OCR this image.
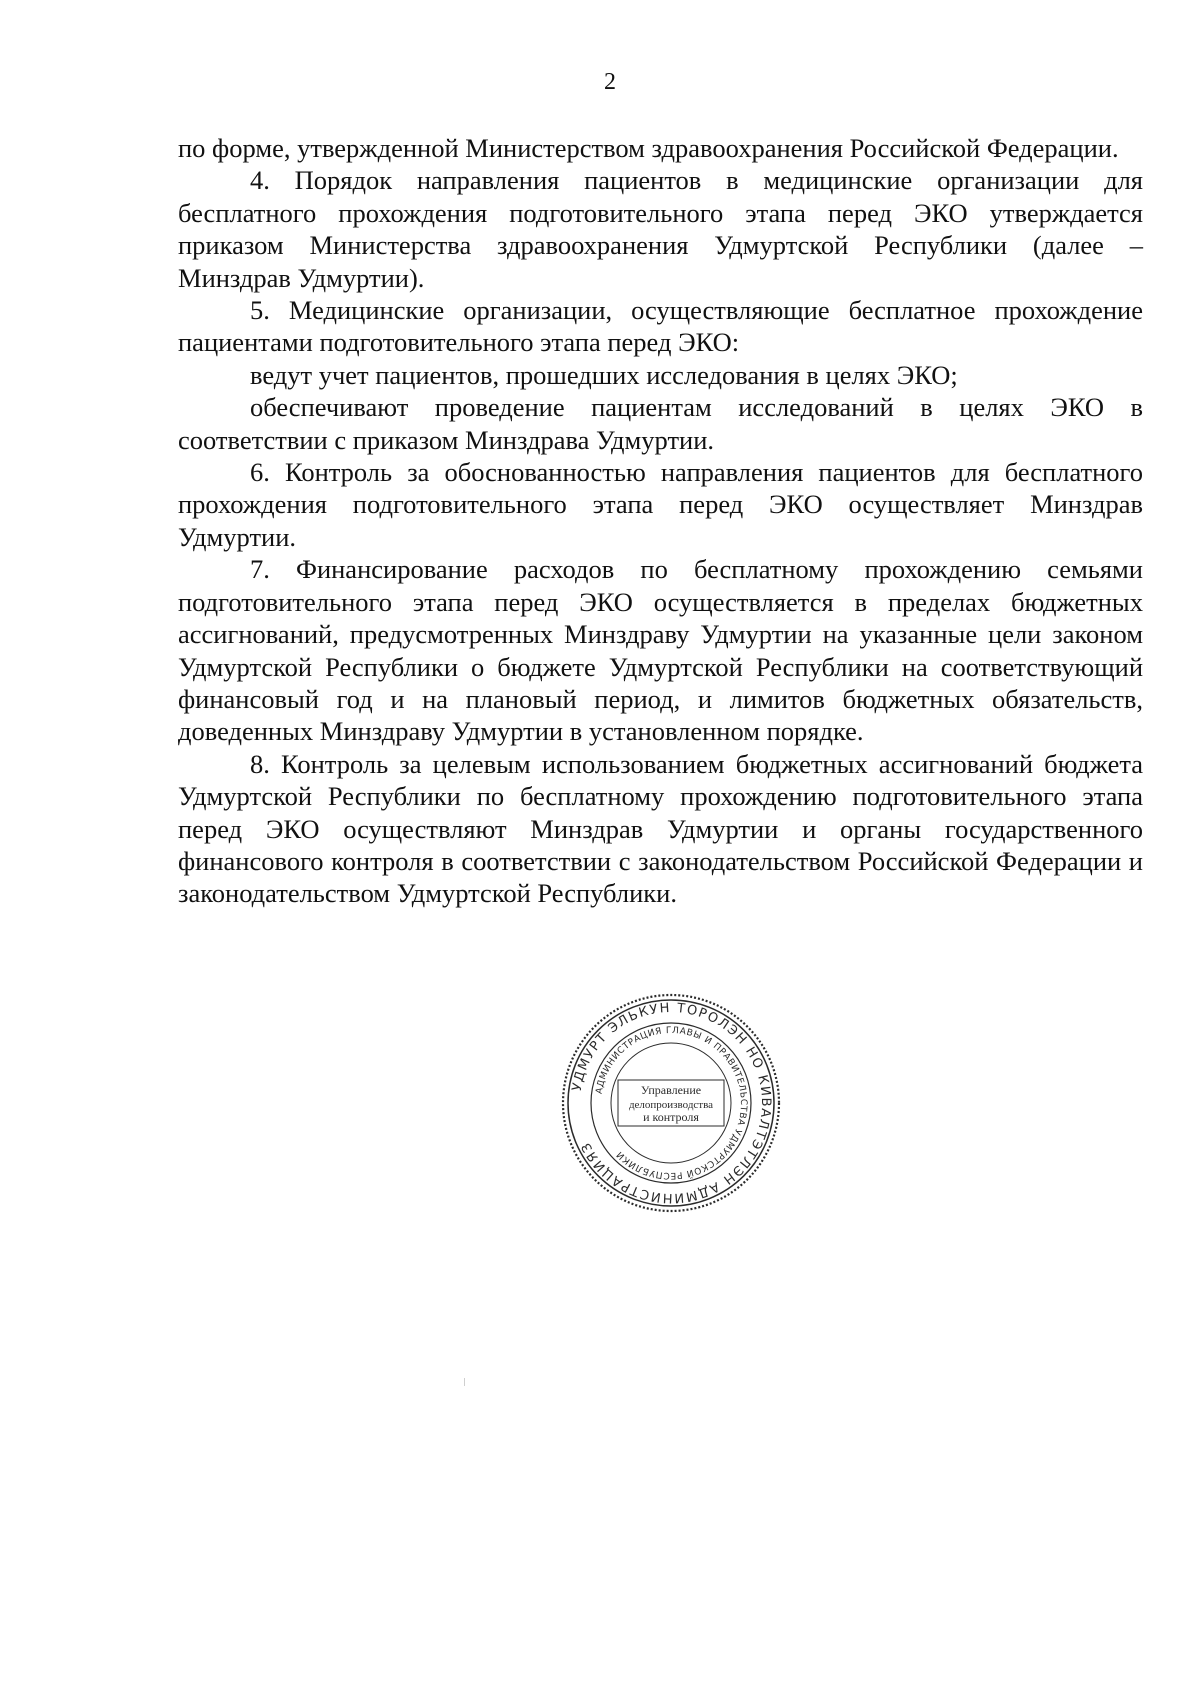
2

по форме, утвержденной Министерством здравоохранения Российской Федерации.

4. Порядок направления пациентов в медицинские организации для бесплатного прохождения подготовительного этапа перед ЭКО утверждается приказом Министерства здравоохранения Удмуртской Республики (далее – Минздрав Удмуртии).

5. Медицинские организации, осуществляющие бесплатное прохождение пациентами подготовительного этапа перед ЭКО:

ведут учет пациентов, прошедших исследования в целях ЭКО;

обеспечивают проведение пациентам исследований в целях ЭКО в соответствии с приказом Минздрава Удмуртии.

6. Контроль за обоснованностью направления пациентов для бесплатного прохождения подготовительного этапа перед ЭКО осуществляет Минздрав Удмуртии.

7. Финансирование расходов по бесплатному прохождению семьями подготовительного этапа перед ЭКО осуществляется в пределах бюджетных ассигнований, предусмотренных Минздраву Удмуртии на указанные цели законом Удмуртской Республики о бюджете Удмуртской Республики на соответствующий финансовый год и на плановый период, и лимитов бюджетных обязательств, доведенных Минздраву Удмуртии в установленном порядке.

8. Контроль за целевым использованием бюджетных ассигнований бюджета Удмуртской Республики по бесплатному прохождению подготовительного этапа перед ЭКО осуществляют Минздрав Удмуртии и органы государственного финансового контроля в соответствии с законодательством Российской Федерации и законодательством Удмуртской Республики.

УДМУРТ ЭЛЬКУН ТОРОЛЭН НО КИВАЛТЭТЛЭН АДМИНИСТРАЦИЯЗ
АДМИНИСТРАЦИЯ ГЛАВЫ И ПРАВИТЕЛЬСТВА УДМУРТСКОЙ РЕСПУБЛИКИ
Управление
делопроизводства
и контроля
